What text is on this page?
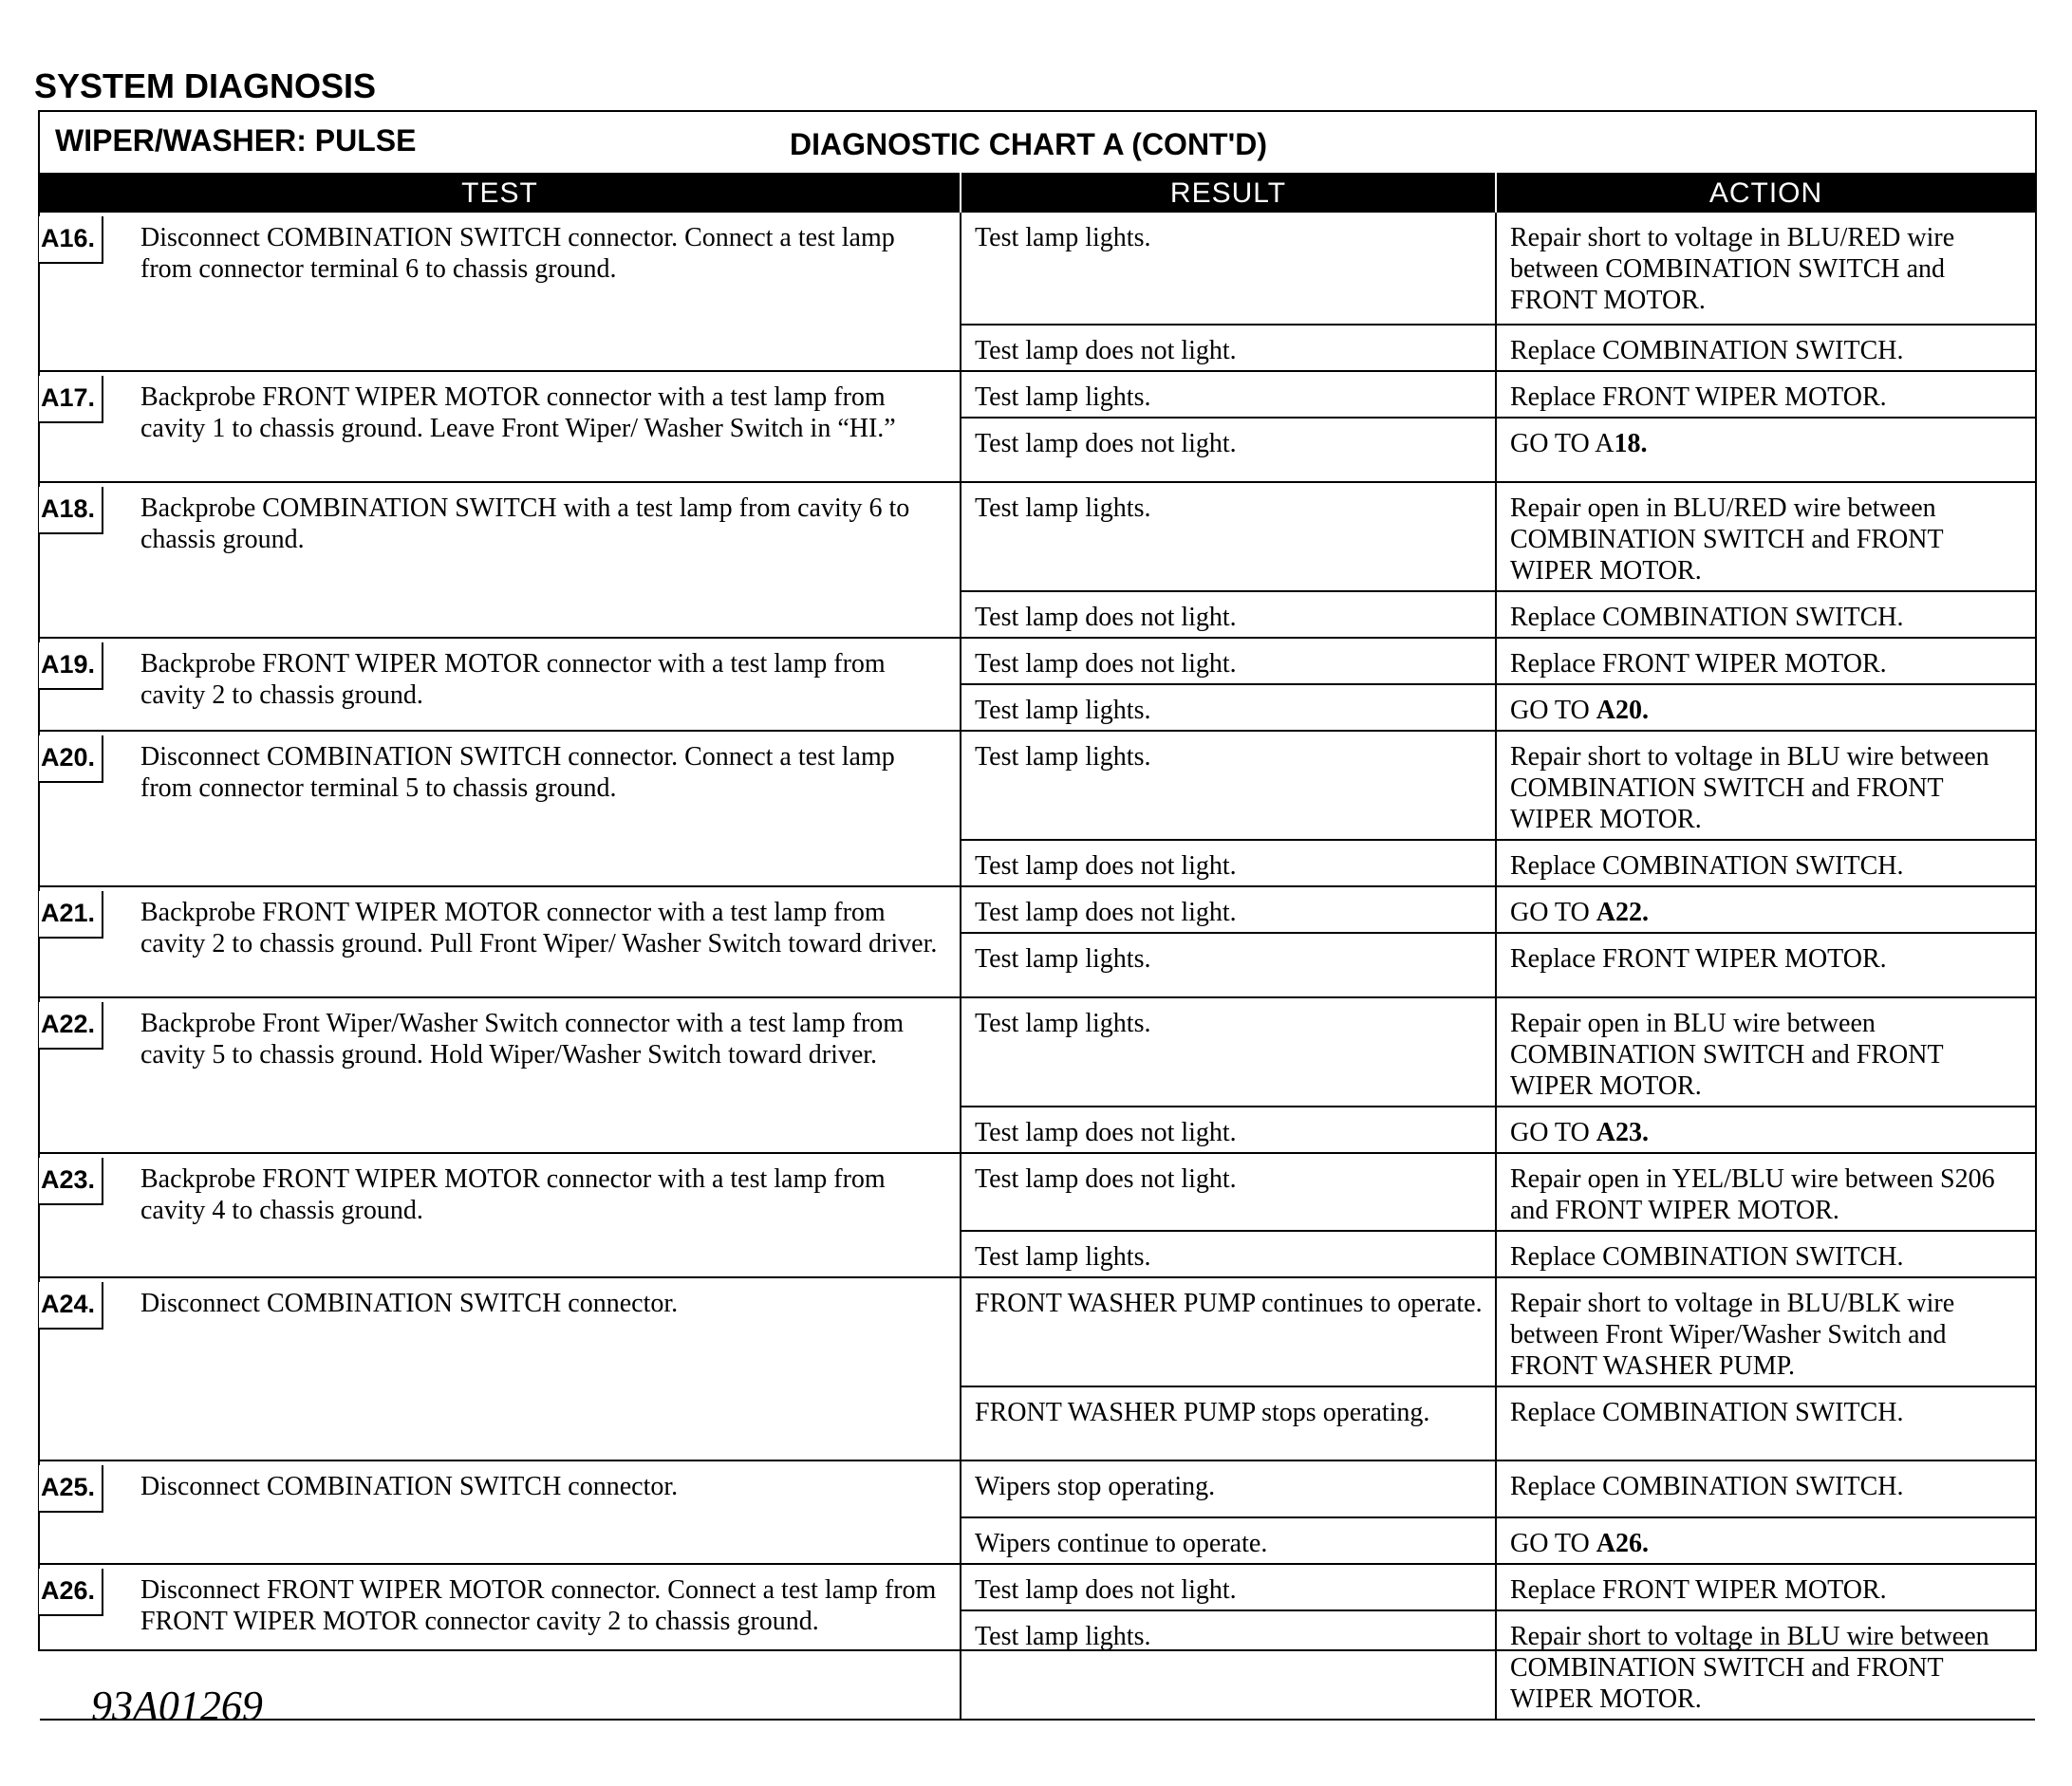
SYSTEM DIAGNOSIS
WIPER/WASHER: PULSE	DIAGNOSTIC CHART A (CONT'D)
TEST	RESULT	ACTION

A16. Disconnect COMBINATION SWITCH connector. Connect a test lamp from connector terminal 6 to chassis ground.	Test lamp lights.	Repair short to voltage in BLU/RED wire between COMBINATION SWITCH and FRONT MOTOR.
	Test lamp does not light.	Replace COMBINATION SWITCH.

A17. Backprobe FRONT WIPER MOTOR connector with a test lamp from cavity 1 to chassis ground. Leave Front Wiper/ Washer Switch in “HI.”	Test lamp lights.	Replace FRONT WIPER MOTOR.
	Test lamp does not light.	GO TO A18.

A18. Backprobe COMBINATION SWITCH with a test lamp from cavity 6 to chassis ground.	Test lamp lights.	Repair open in BLU/RED wire between COMBINATION SWITCH and FRONT WIPER MOTOR.
	Test lamp does not light.	Replace COMBINATION SWITCH.

A19. Backprobe FRONT WIPER MOTOR connector with a test lamp from cavity 2 to chassis ground.	Test lamp does not light.	Replace FRONT WIPER MOTOR.
	Test lamp lights.	GO TO A20.

A20. Disconnect COMBINATION SWITCH connector. Connect a test lamp from connector terminal 5 to chassis ground.	Test lamp lights.	Repair short to voltage in BLU wire between COMBINATION SWITCH and FRONT WIPER MOTOR.
	Test lamp does not light.	Replace COMBINATION SWITCH.

A21. Backprobe FRONT WIPER MOTOR connector with a test lamp from cavity 2 to chassis ground. Pull Front Wiper/ Washer Switch toward driver.	Test lamp does not light.	GO TO A22.
	Test lamp lights.	Replace FRONT WIPER MOTOR.

A22. Backprobe Front Wiper/Washer Switch connector with a test lamp from cavity 5 to chassis ground. Hold Wiper/Washer Switch toward driver.	Test lamp lights.	Repair open in BLU wire between COMBINATION SWITCH and FRONT WIPER MOTOR.
	Test lamp does not light.	GO TO A23.

A23. Backprobe FRONT WIPER MOTOR connector with a test lamp from cavity 4 to chassis ground.	Test lamp does not light.	Repair open in YEL/BLU wire between S206 and FRONT WIPER MOTOR.
	Test lamp lights.	Replace COMBINATION SWITCH.

A24. Disconnect COMBINATION SWITCH connector.	FRONT WASHER PUMP continues to operate.	Repair short to voltage in BLU/BLK wire between Front Wiper/Washer Switch and FRONT WASHER PUMP.
	FRONT WASHER PUMP stops operating.	Replace COMBINATION SWITCH.

A25. Disconnect COMBINATION SWITCH connector.	Wipers stop operating.	Replace COMBINATION SWITCH.
	Wipers continue to operate.	GO TO A26.

A26. Disconnect FRONT WIPER MOTOR connector. Connect a test lamp from FRONT WIPER MOTOR connector cavity 2 to chassis ground.	Test lamp does not light.	Replace FRONT WIPER MOTOR.
	Test lamp lights.	Repair short to voltage in BLU wire between COMBINATION SWITCH and FRONT WIPER MOTOR.
93A01269
